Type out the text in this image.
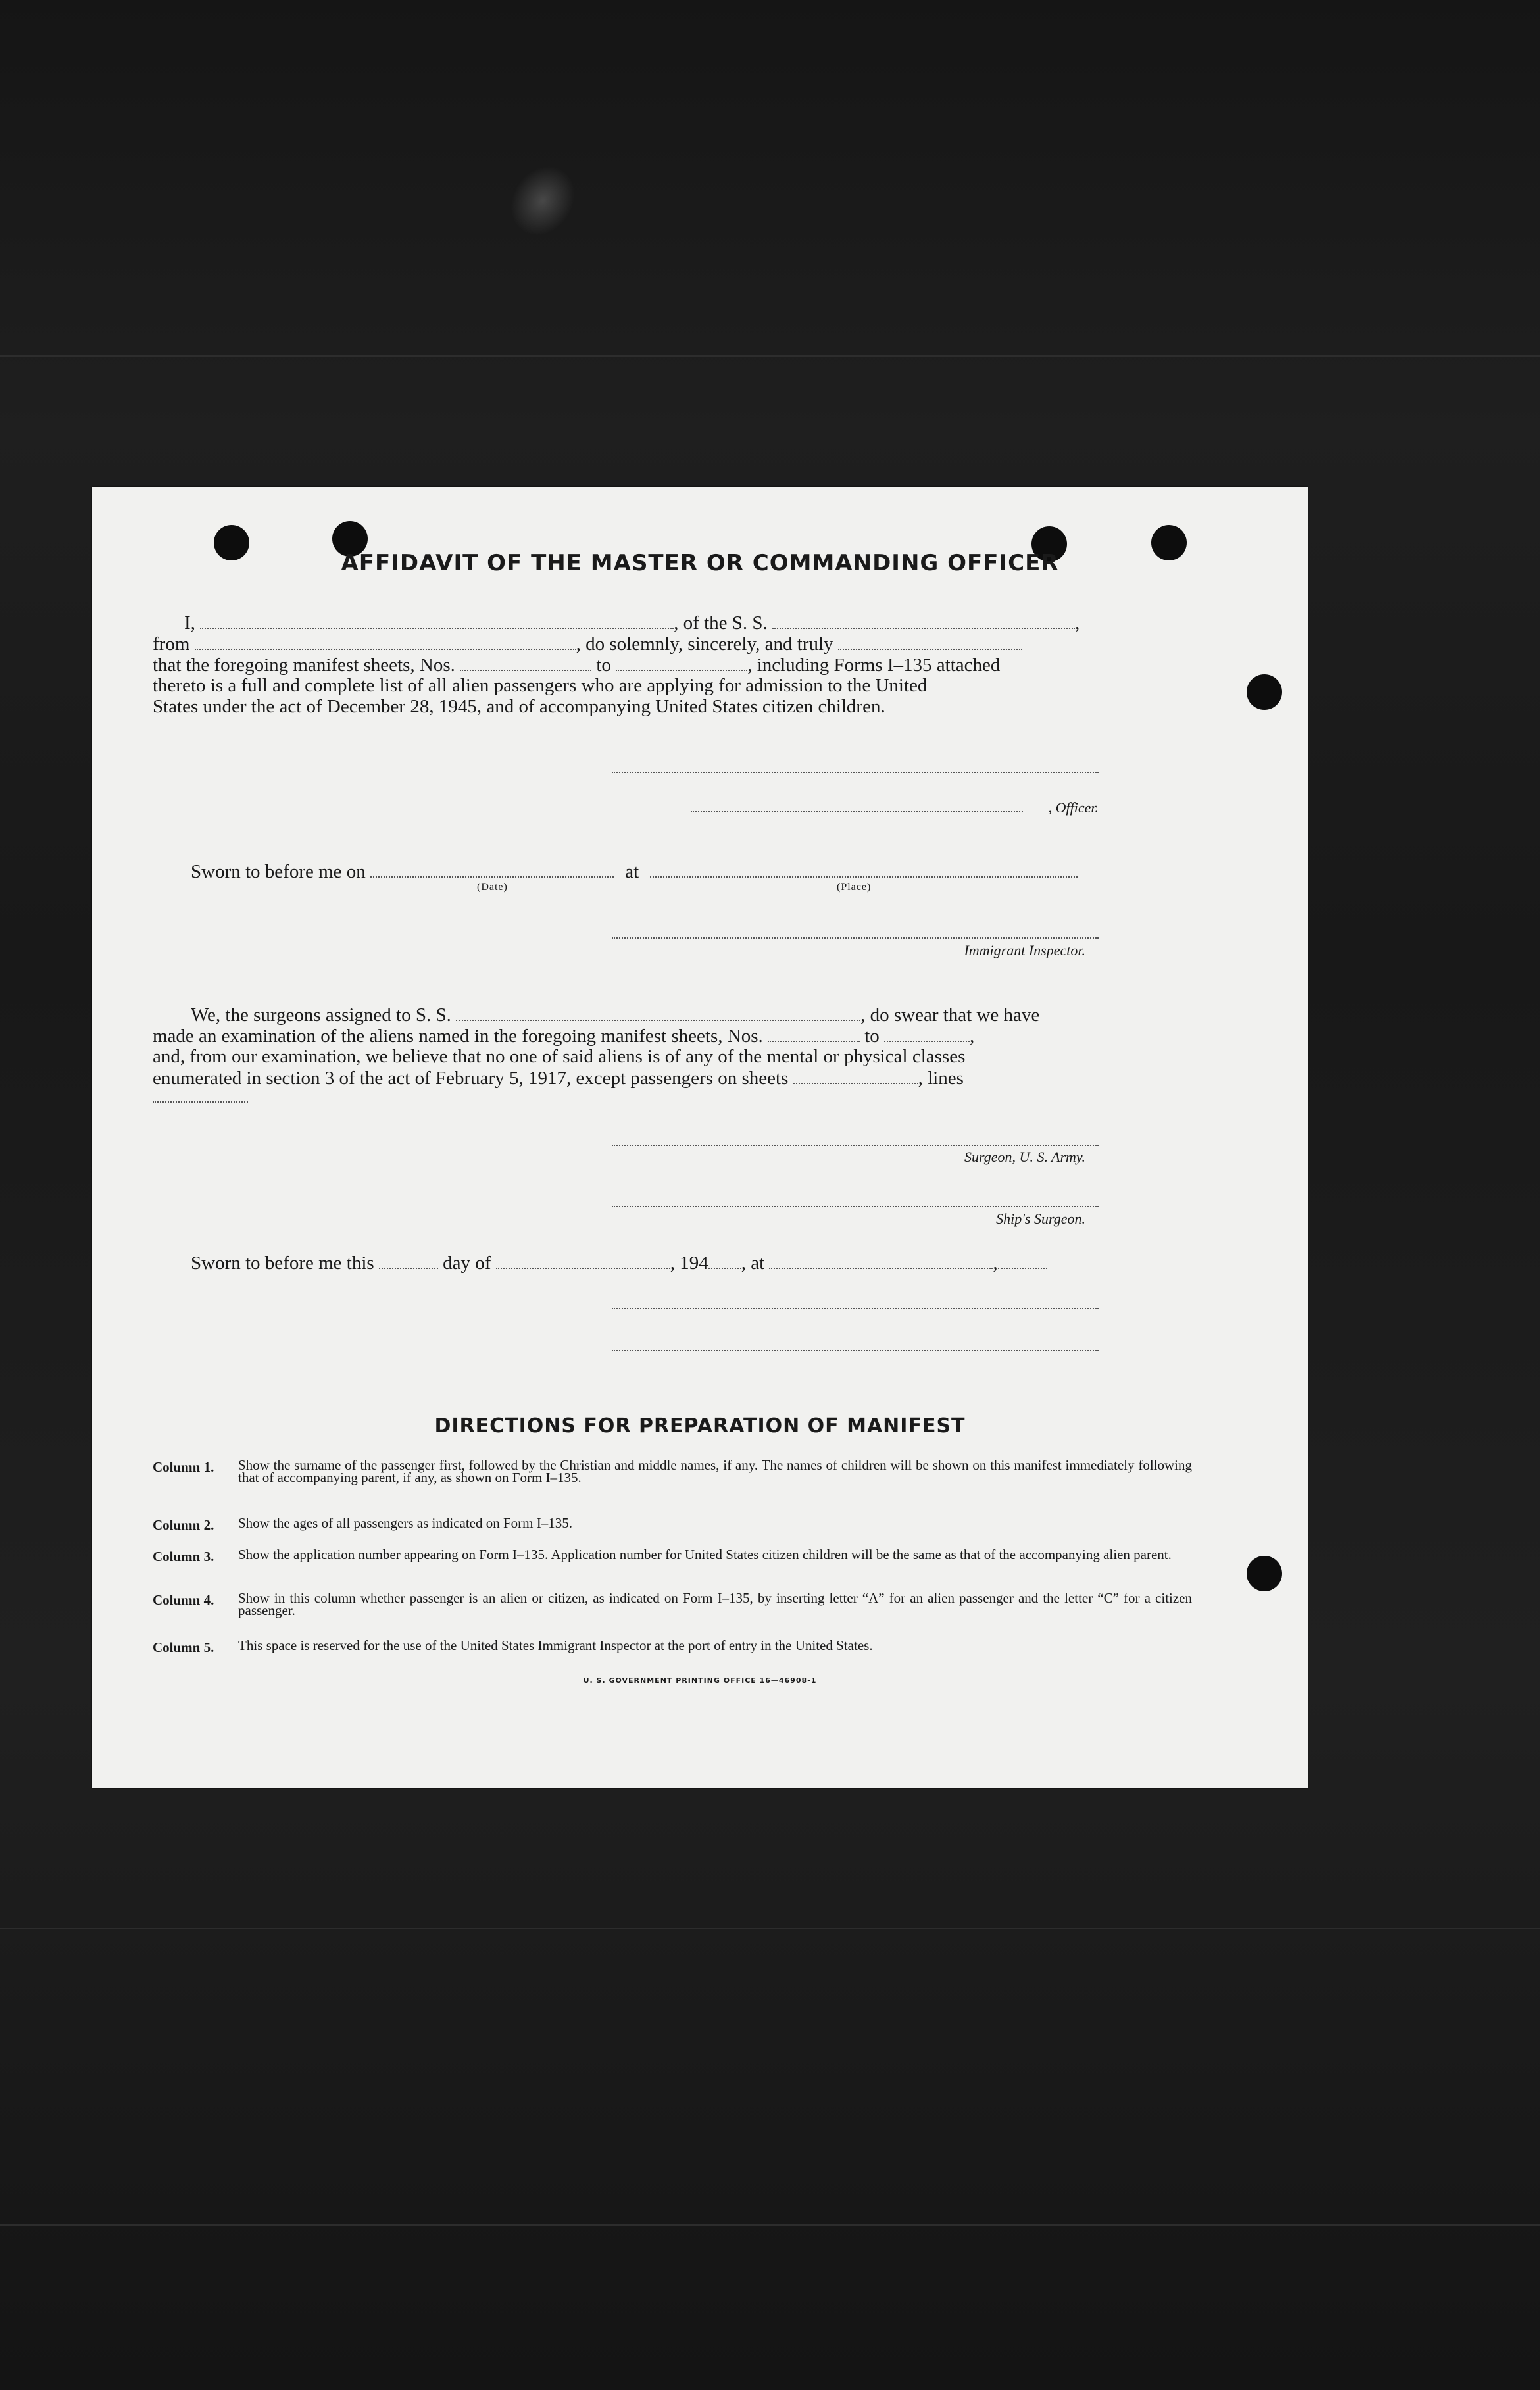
AFFIDAVIT OF THE MASTER OR COMMANDING OFFICER
I,	, of the S. S.	,
from	, do solemnly, sincerely, and truly
that the foregoing manifest sheets, Nos.	to	, including Forms I–135 attached
thereto is a full and complete list of all alien passengers who are applying for admission to the United
States under the act of December 28, 1945, and of accompanying United States citizen children.
, Officer.
Sworn to before me on	at
(Date)	(Place)
Immigrant Inspector.
We, the surgeons assigned to S. S.	, do swear that we have
made an examination of the aliens named in the foregoing manifest sheets, Nos.	to	,
and, from our examination, we believe that no one of said aliens is of any of the mental or physical classes
enumerated in section 3 of the act of February 5, 1917, except passengers on sheets	, lines
Surgeon, U. S. Army.
Ship's Surgeon.
Sworn to before me this	day of	, 194 , at	,
DIRECTIONS FOR PREPARATION OF MANIFEST
Column 1. Show the surname of the passenger first, followed by the Christian and middle names, if any. The names of children will be shown on this manifest immediately following that of accompanying parent, if any, as shown on Form I–135.
Column 2. Show the ages of all passengers as indicated on Form I–135.
Column 3. Show the application number appearing on Form I–135. Application number for United States citizen children will be the same as that of the accompanying alien parent.
Column 4. Show in this column whether passenger is an alien or citizen, as indicated on Form I–135, by inserting letter “A” for an alien passenger and the letter “C” for a citizen passenger.
Column 5. This space is reserved for the use of the United States Immigrant Inspector at the port of entry in the United States.
U. S. GOVERNMENT PRINTING OFFICE 16—46908-1
